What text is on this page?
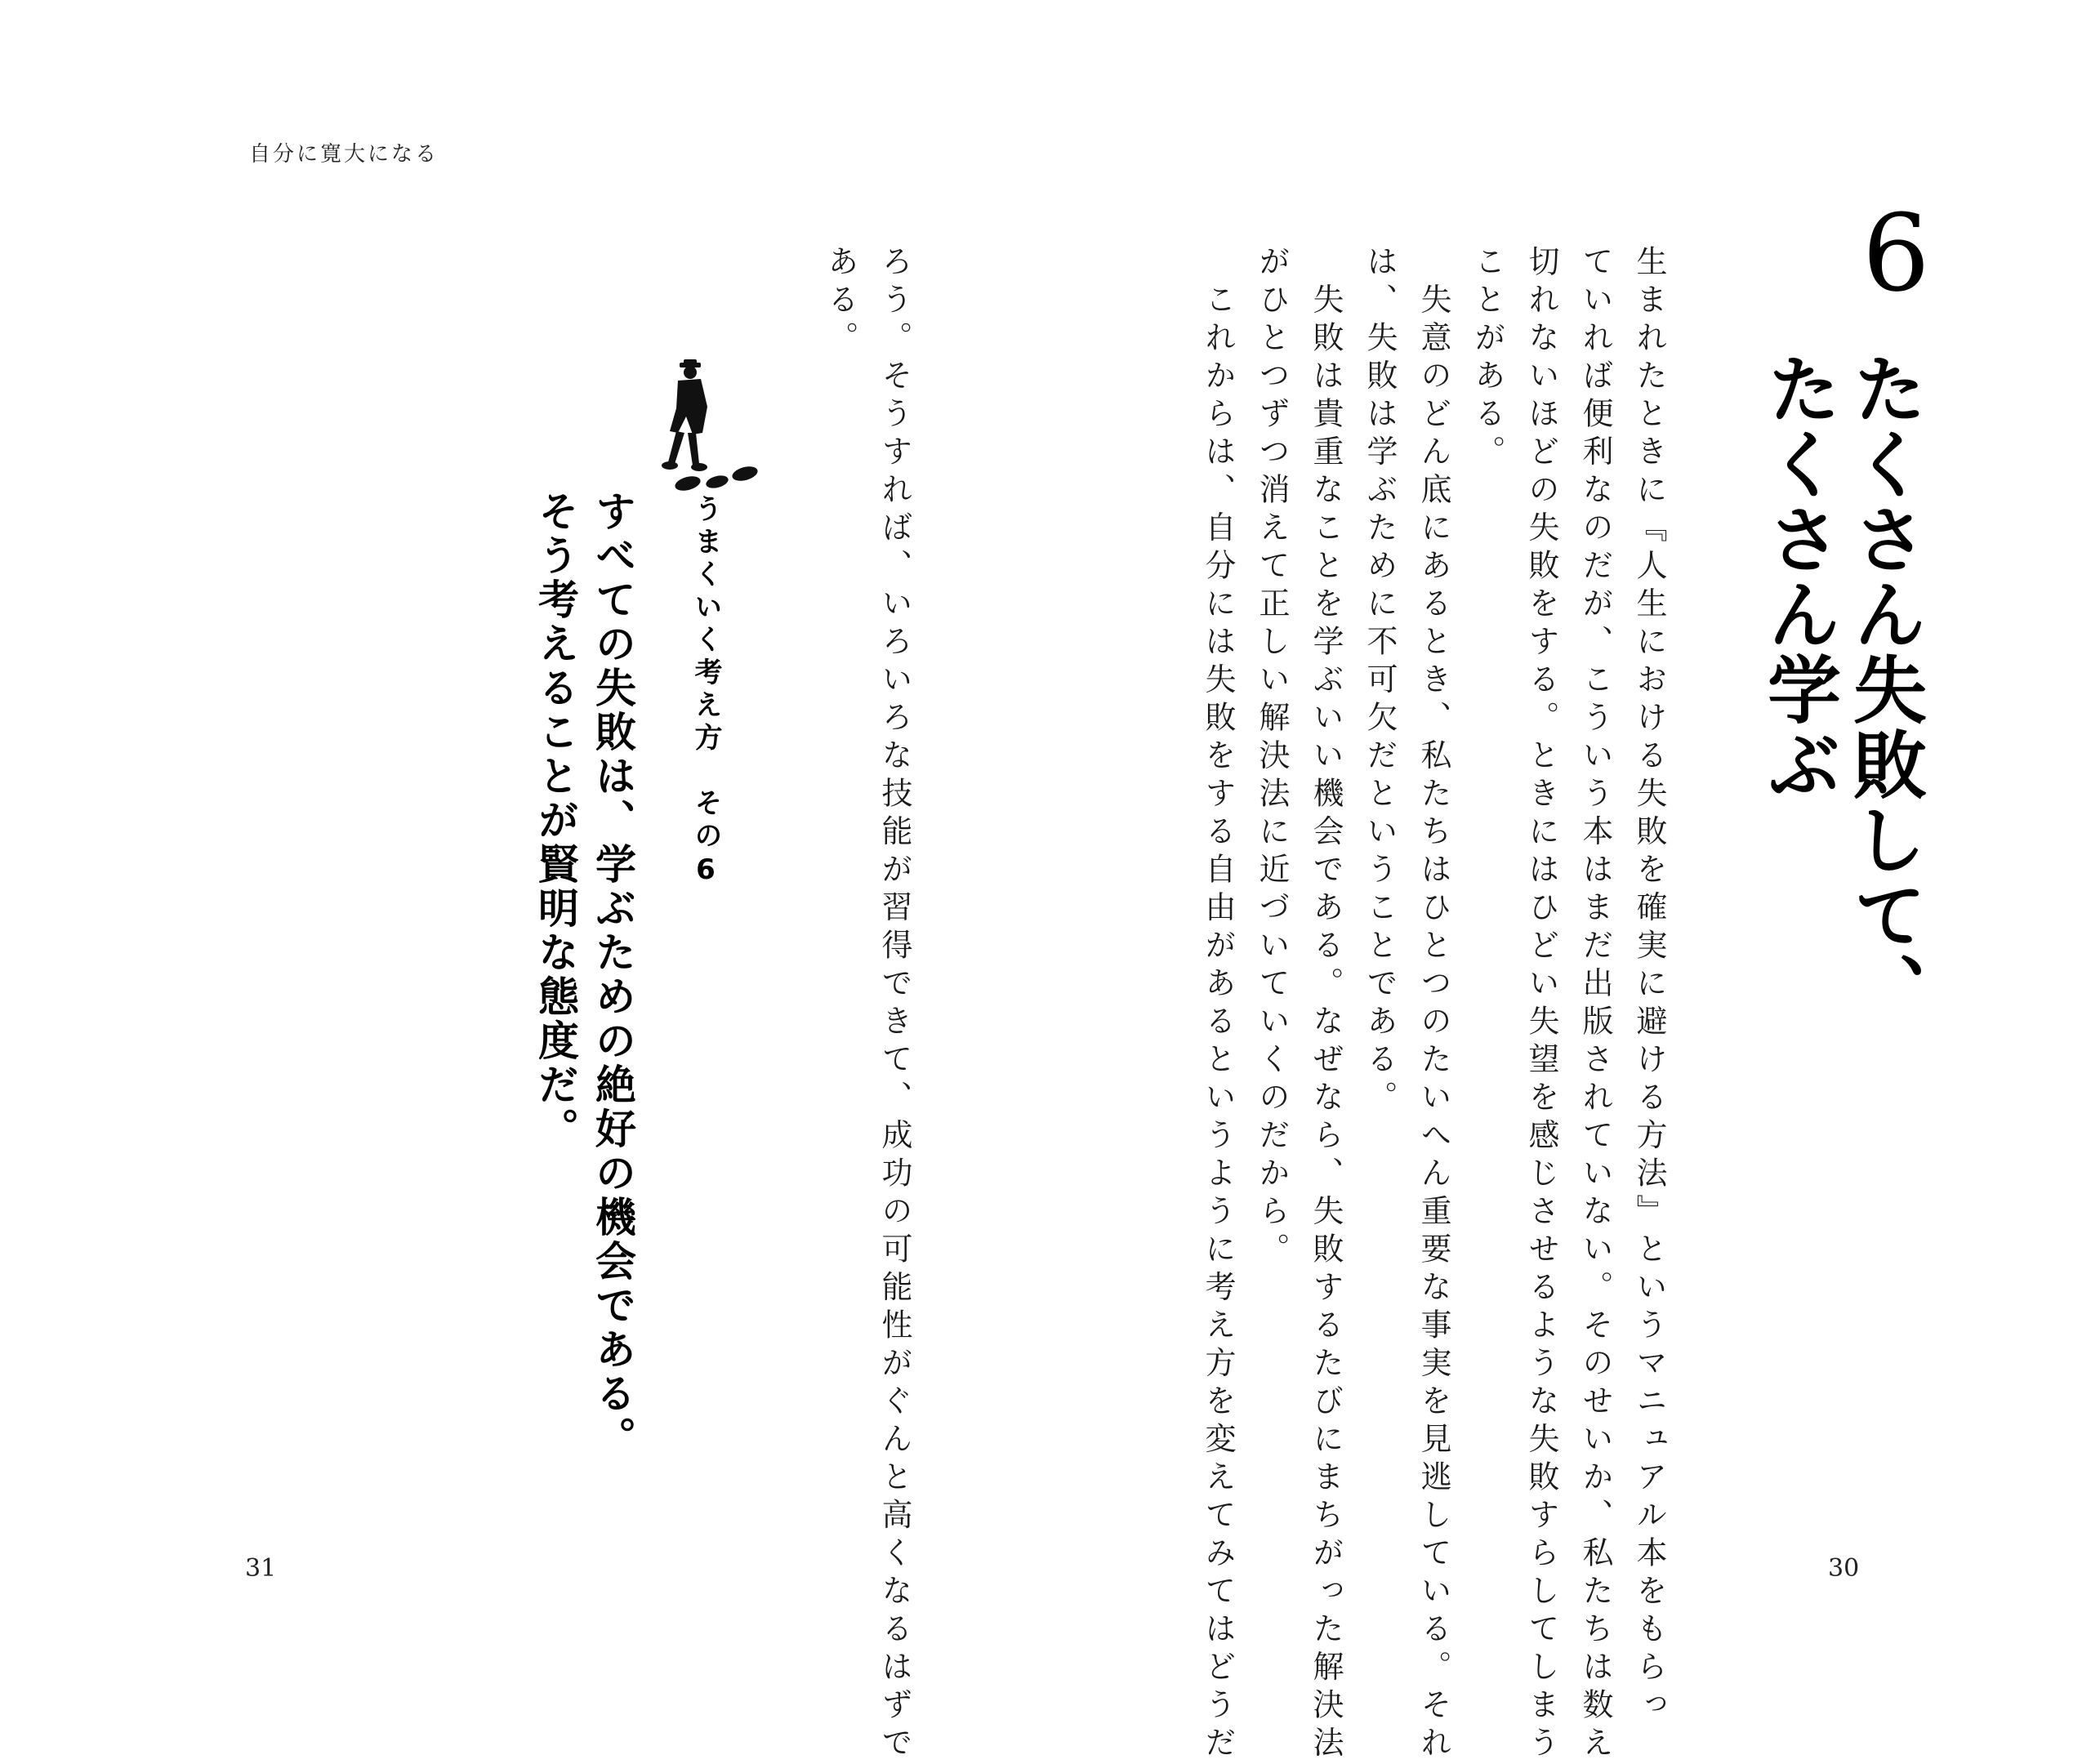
自分に寛大になる
6
たくさん失敗して、
たくさん学ぶ
生まれたときに『人生における失敗を確実に避ける方法』というマニュアル本をもらっ
ていれば便利なのだが、こういう本はまだ出版されていない。そのせいか、私たちは数え
切れないほどの失敗をする。ときにはひどい失望を感じさせるような失敗すらしてしまう
ことがある。
　失意のどん底にあるとき、私たちはひとつのたいへん重要な事実を見逃している。それ
は、失敗は学ぶために不可欠だということである。
　失敗は貴重なことを学ぶいい機会である。なぜなら、失敗するたびにまちがった解決法
がひとつずつ消えて正しい解決法に近づいていくのだから。
　これからは、自分には失敗をする自由があるというように考え方を変えてみてはどうだ
ろう。そうすれば、いろいろな技能が習得できて、成功の可能性がぐんと高くなるはずで
ある。
うまくいく考え方　その6
すべての失敗は、学ぶための絶好の機会である。
そう考えることが賢明な態度だ。
31	30
